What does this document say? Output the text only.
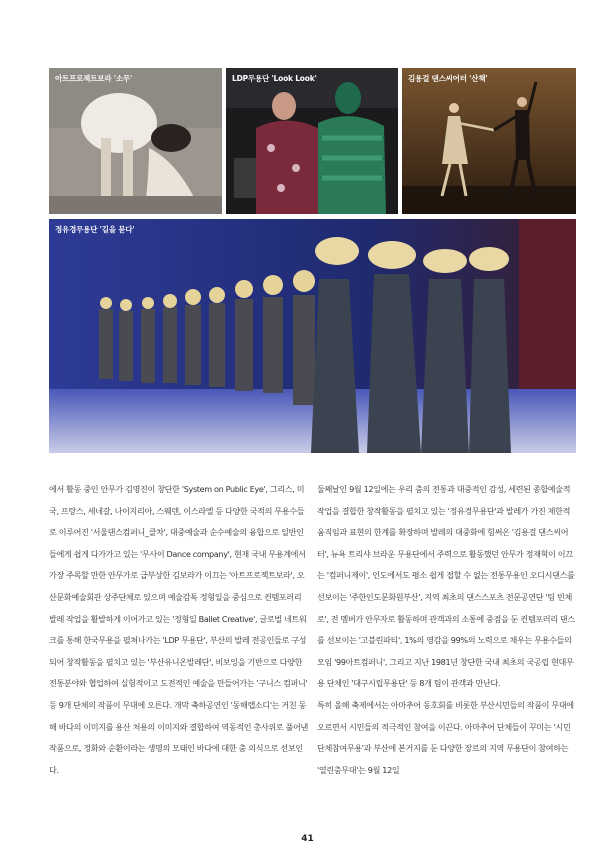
아트프로젝트보라 '소무'	LDP무용단 'Look Look'	김용걸 댄스씨어터 '산책'
정유경무용단 '길을 묻다'

에서 활동 중인 안무가 김명진이 창단한 'System on Public Eye', 그리스, 미국, 프랑스, 세네갈, 나이지리아, 스웨덴, 이스라엘 등 다양한 국적의 무용수들로 이루어진 '서울댄스컴퍼니_클차', 대중예술과 순수예술의 융합으로 일반인들에게 쉽게 다가가고 있는 '무사이 Dance company', 현재 국내 무용계에서 가장 주목할 만한 안무가로 급부상한 김보라가 이끄는 '아트프로젝트보라', 오산문화예술회관 상주단체로 있으며 예술감독 정형일을 중심으로 컨템포러리 발레 작업을 활발하게 이어가고 있는 '정형일 Ballet Creative', 글로벌 네트워크를 통해 한국무용을 펼쳐나가는 'LDP 무용단', 부산의 발레 전공인들로 구성되어 창작활동을 펼치고 있는 '부산유니온발레단', 비보잉을 기반으로 다양한 전통분야와 협업하여 실험적이고 도전적인 예술을 만들어가는 '구니스 컴퍼니' 등 9개 단체의 작품이 무대에 오른다. 개막 축하공연인 '동해랩소디'는 거친 동해 바다의 이미지를 용산 처용의 이미지와 결합하여 역동적인 총사위로 풀어낸 작품으로, 정화와 순환이라는 생명의 모태인 바다에 대한 춤 의식으로 선보인다.

둘째날인 9월 12일에는 우리 춤의 전통과 대중적인 감성, 세련된 종합예술적 작업을 결합한 창작활동을 펼치고 있는 '정유경무용단'과 발레가 가진 제한적 움직임과 표현의 한계를 확장하며 발레의 대중화에 힘써온 '김용걸 댄스씨어터', 뉴욕 트리샤 브라운 무용단에서 주력으로 활동했던 안무가 정재혁이 이끄는 '컴퍼니제이', 인도에서도 평소 쉽게 접할 수 없는 전통무용인 오디시댄스를 선보이는 '주한인도문화원부산', 지역 최초의 댄스스포츠 전문공연단 '팀 빈체로', 전 멤버가 안무자로 활동하며 관객과의 소통에 중점을 둔 컨템포러리 댄스를 선보이는 '고블린파티', 1%의 영감을 99%의 노력으로 채우는 무용수들의 모임 '99아트컴퍼니', 그리고 지난 1981년 창단한 국내 최초의 국공립 현대무용 단체인 '대구시립무용단' 등 8개 팀이 관객과 만난다.

특히 올해 축제에서는 아마추어 동호회를 비롯한 부산시민들의 작품이 무대에 오르면서 시민들의 적극적인 참여을 이끈다. 아마추어 단체들이 꾸미는 '시민단체참여무용'과 부산에 본거지를 둔 다양한 장르의 지역 무용단이 참여하는 '열린춤무대'는 9월 12일

41
